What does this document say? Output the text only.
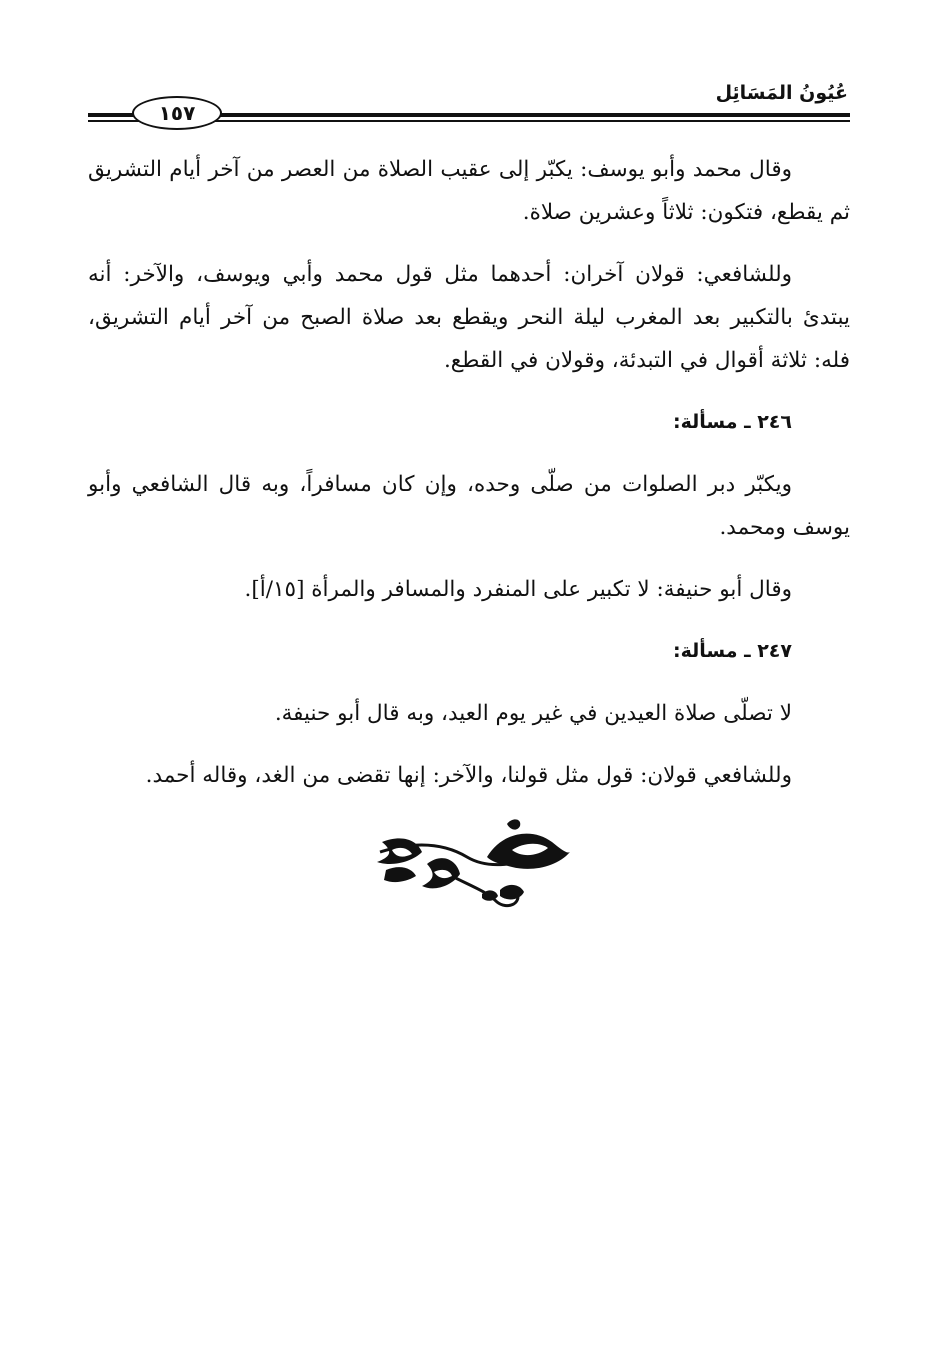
عُيُونُ المَسَائِل
١٥٧

وقال محمد وأبو يوسف: يكبّر إلى عقيب الصلاة من العصر من آخر أيام التشريق ثم يقطع، فتكون: ثلاثاً وعشرين صلاة.

وللشافعي: قولان آخران: أحدهما مثل قول محمد وأبي ويوسف، والآخر: أنه يبتدئ بالتكبير بعد المغرب ليلة النحر ويقطع بعد صلاة الصبح من آخر أيام التشريق، فله: ثلاثة أقوال في التبدئة، وقولان في القطع.

٢٤٦ ـ مسألة:

ويكبّر دبر الصلوات من صلّى وحده، وإن كان مسافراً، وبه قال الشافعي وأبو يوسف ومحمد.

وقال أبو حنيفة: لا تكبير على المنفرد والمسافر والمرأة [١٥/أ].

٢٤٧ ـ مسألة:

لا تصلّى صلاة العيدين في غير يوم العيد، وبه قال أبو حنيفة.

وللشافعي قولان: قول مثل قولنا، والآخر: إنها تقضى من الغد، وقاله أحمد.
